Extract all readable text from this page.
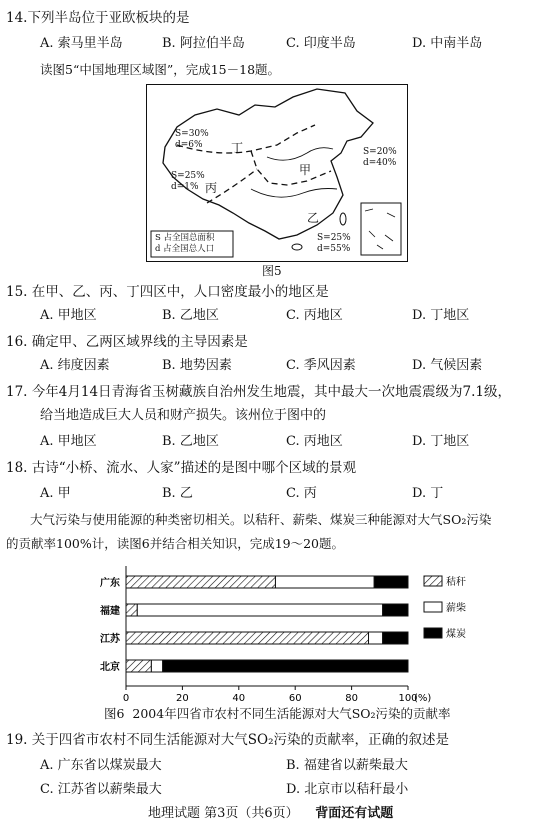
14.下列半岛位于亚欧板块的是
A. 索马里半岛	B. 阿拉伯半岛	C. 印度半岛	D. 中南半岛
读图5“中国地理区域图”，完成15－18题。
S=30%
d=6%
S=25%
d=1%
S=20%
d=40%
S=25%
d=55%
丁
甲
丙
乙
S 占全国总面积
d 占全国总人口
图5
15. 在甲、乙、丙、丁四区中，人口密度最小的地区是
A. 甲地区	B. 乙地区	C. 丙地区	D. 丁地区
16. 确定甲、乙两区域界线的主导因素是
A. 纬度因素	B. 地势因素	C. 季风因素	D. 气候因素
17. 今年4月14日青海省玉树藏族自治州发生地震，其中最大一次地震震级为7.1级，
给当地造成巨大人员和财产损失。该州位于图中的
A. 甲地区	B. 乙地区	C. 丙地区	D. 丁地区
18. 古诗“小桥、流水、人家”描述的是图中哪个区域的景观
A. 甲	B. 乙	C. 丙	D. 丁
大气污染与使用能源的种类密切相关。以秸秆、薪柴、煤炭三种能源对大气SO₂污染
的贡献率100%计，读图6并结合相关知识，完成19～20题。
广东
福建
江苏
北京
0	20	40	60	80	100
(%)
秸秆
薪柴
煤炭
图6 2004年四省市农村不同生活能源对大气SO₂污染的贡献率
19. 关于四省市农村不同生活能源对大气SO₂污染的贡献率，正确的叙述是
A. 广东省以煤炭最大	B. 福建省以薪柴最大
C. 江苏省以薪柴最大	D. 北京市以秸秆最小
地理试题 第3页（共6页） 背面还有试题
